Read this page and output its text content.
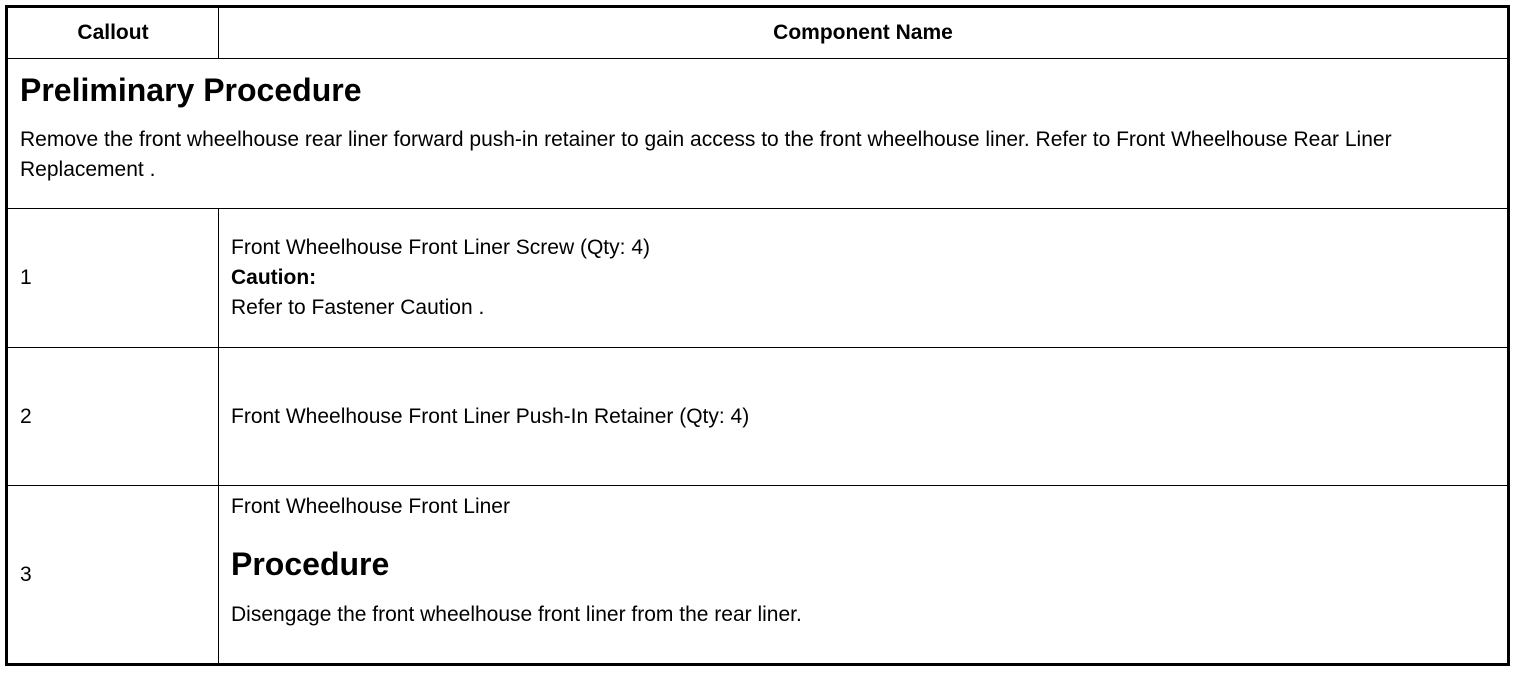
Callout	Component Name

Preliminary Procedure

Remove the front wheelhouse rear liner forward push-in retainer to gain access to the front wheelhouse liner. Refer to Front Wheelhouse Rear Liner Replacement .	

1	Front Wheelhouse Front Liner Screw (Qty: 4)
Caution:
Refer to Fastener Caution .

2	Front Wheelhouse Front Liner Push-In Retainer (Qty: 4)
3	Front Wheelhouse Front Liner
Procedure

Disengage the front wheelhouse front liner from the rear liner.
